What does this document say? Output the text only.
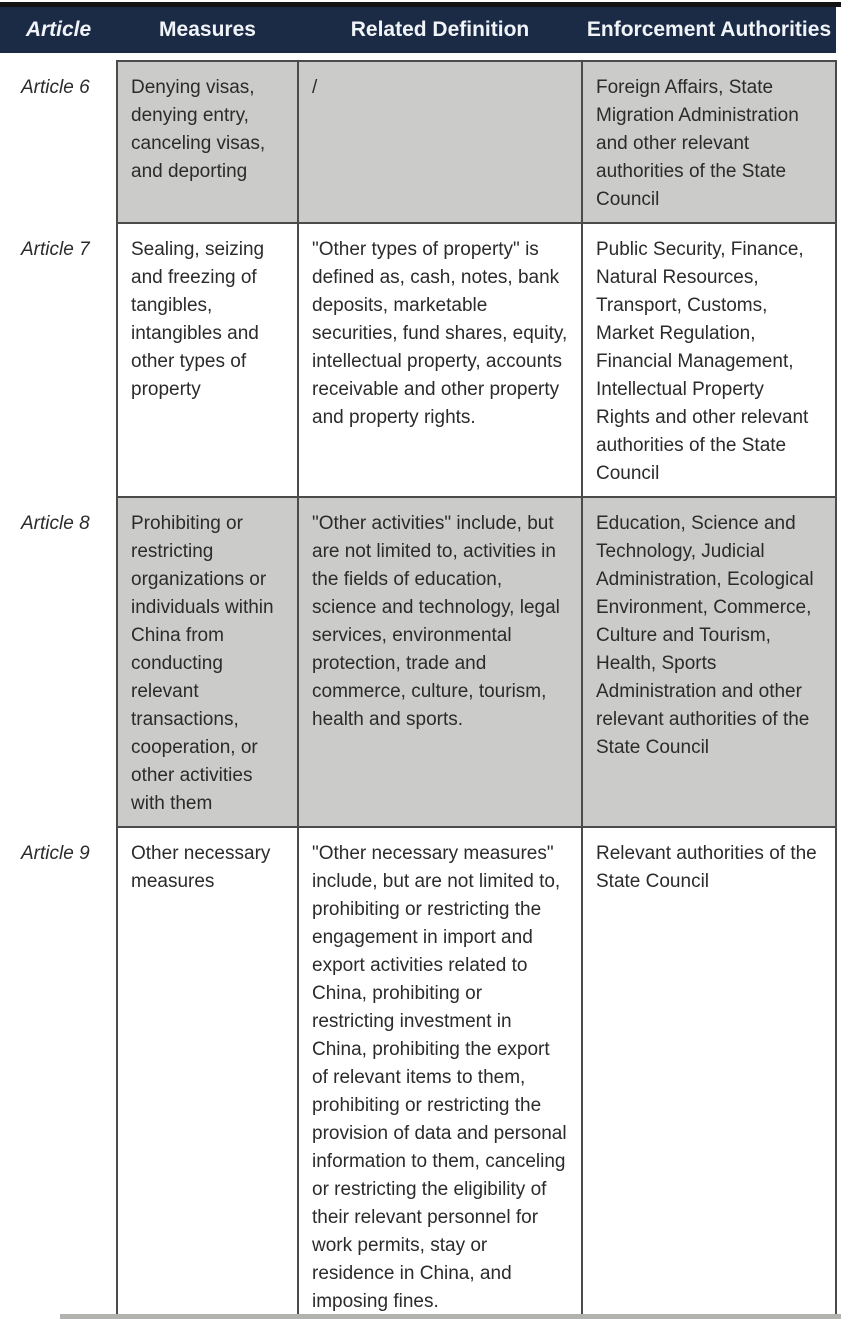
Article	Measures	Related Definition	Enforcement Authorities
Article 6	Denying visas, denying entry, canceling visas, and deporting	/	Foreign Affairs, State Migration Administration and other relevant authorities of the State Council
Article 7	Sealing, seizing and freezing of tangibles, intangibles and other types of property	"Other types of property" is defined as, cash, notes, bank deposits, marketable securities, fund shares, equity, intellectual property, accounts receivable and other property and property rights.	Public Security, Finance, Natural Resources, Transport, Customs, Market Regulation, Financial Management, Intellectual Property Rights and other relevant authorities of the State Council
Article 8	Prohibiting or restricting organizations or individuals within China from conducting relevant transactions, cooperation, or other activities with them	"Other activities" include, but are not limited to, activities in the fields of education, science and technology, legal services, environmental protection, trade and commerce, culture, tourism, health and sports.	Education, Science and Technology, Judicial Administration, Ecological Environment, Commerce, Culture and Tourism, Health, Sports Administration and other relevant authorities of the State Council
Article 9	Other necessary measures	"Other necessary measures" include, but are not limited to, prohibiting or restricting the engagement in import and export activities related to China, prohibiting or restricting investment in China, prohibiting the export of relevant items to them, prohibiting or restricting the provision of data and personal information to them, canceling or restricting the eligibility of their relevant personnel for work permits, stay or residence in China, and imposing fines.	Relevant authorities of the State Council
